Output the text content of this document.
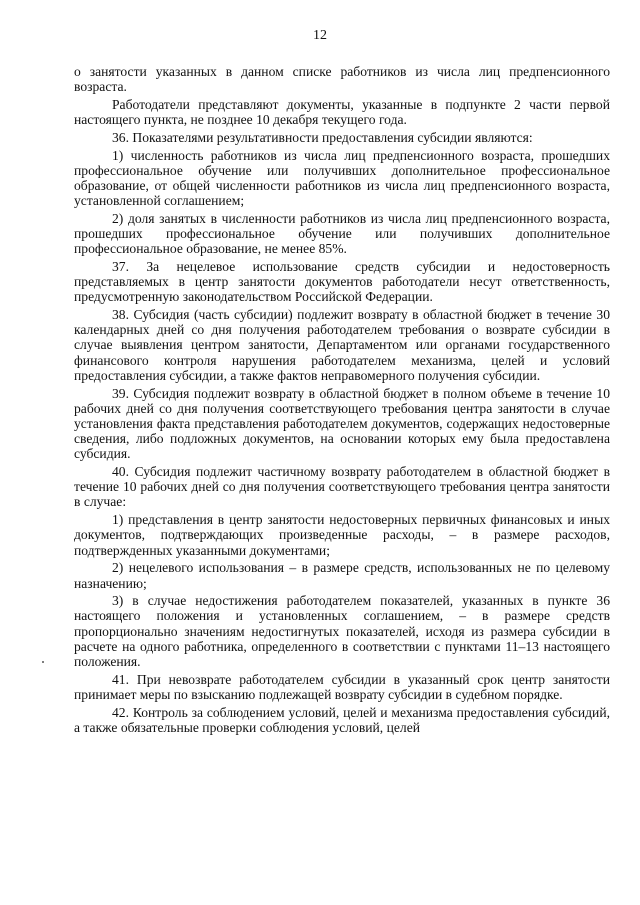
12

о занятости указанных в данном списке работников из числа лиц предпенсионного возраста.

Работодатели представляют документы, указанные в подпункте 2 части первой настоящего пункта, не позднее 10 декабря текущего года.

36. Показателями результативности предоставления субсидии являются:

1) численность работников из числа лиц предпенсионного возраста, прошедших профессиональное обучение или получивших дополнительное профессиональное образование, от общей численности работников из числа лиц предпенсионного возраста, установленной соглашением;

2) доля занятых в численности работников из числа лиц предпенсионного возраста, прошедших профессиональное обучение или получивших дополнительное профессиональное образование, не менее 85%.

37. За нецелевое использование средств субсидии и недостоверность представляемых в центр занятости документов работодатели несут ответственность, предусмотренную законодательством Российской Федерации.

38. Субсидия (часть субсидии) подлежит возврату в областной бюджет в течение 30 календарных дней со дня получения работодателем требования о возврате субсидии в случае выявления центром занятости, Департаментом или органами государственного финансового контроля нарушения работодателем механизма, целей и условий предоставления субсидии, а также фактов неправомерного получения субсидии.

39. Субсидия подлежит возврату в областной бюджет в полном объеме в течение 10 рабочих дней со дня получения соответствующего требования центра занятости в случае установления факта представления работодателем документов, содержащих недостоверные сведения, либо подложных документов, на основании которых ему была предоставлена субсидия.

40. Субсидия подлежит частичному возврату работодателем в областной бюджет в течение 10 рабочих дней со дня получения соответствующего требования центра занятости в случае:

1) представления в центр занятости недостоверных первичных финансовых и иных документов, подтверждающих произведенные расходы, – в размере расходов, подтвержденных указанными документами;

2) нецелевого использования – в размере средств, использованных не по целевому назначению;

3) в случае недостижения работодателем показателей, указанных в пункте 36 настоящего положения и установленных соглашением, – в размере средств пропорционально значениям недостигнутых показателей, исходя из размера субсидии в расчете на одного работника, определенного в соответствии с пунктами 11–13 настоящего положения.

41. При невозврате работодателем субсидии в указанный срок центр занятости принимает меры по взысканию подлежащей возврату субсидии в судебном порядке.

42. Контроль за соблюдением условий, целей и механизма предоставления субсидий, а также обязательные проверки соблюдения условий, целей
